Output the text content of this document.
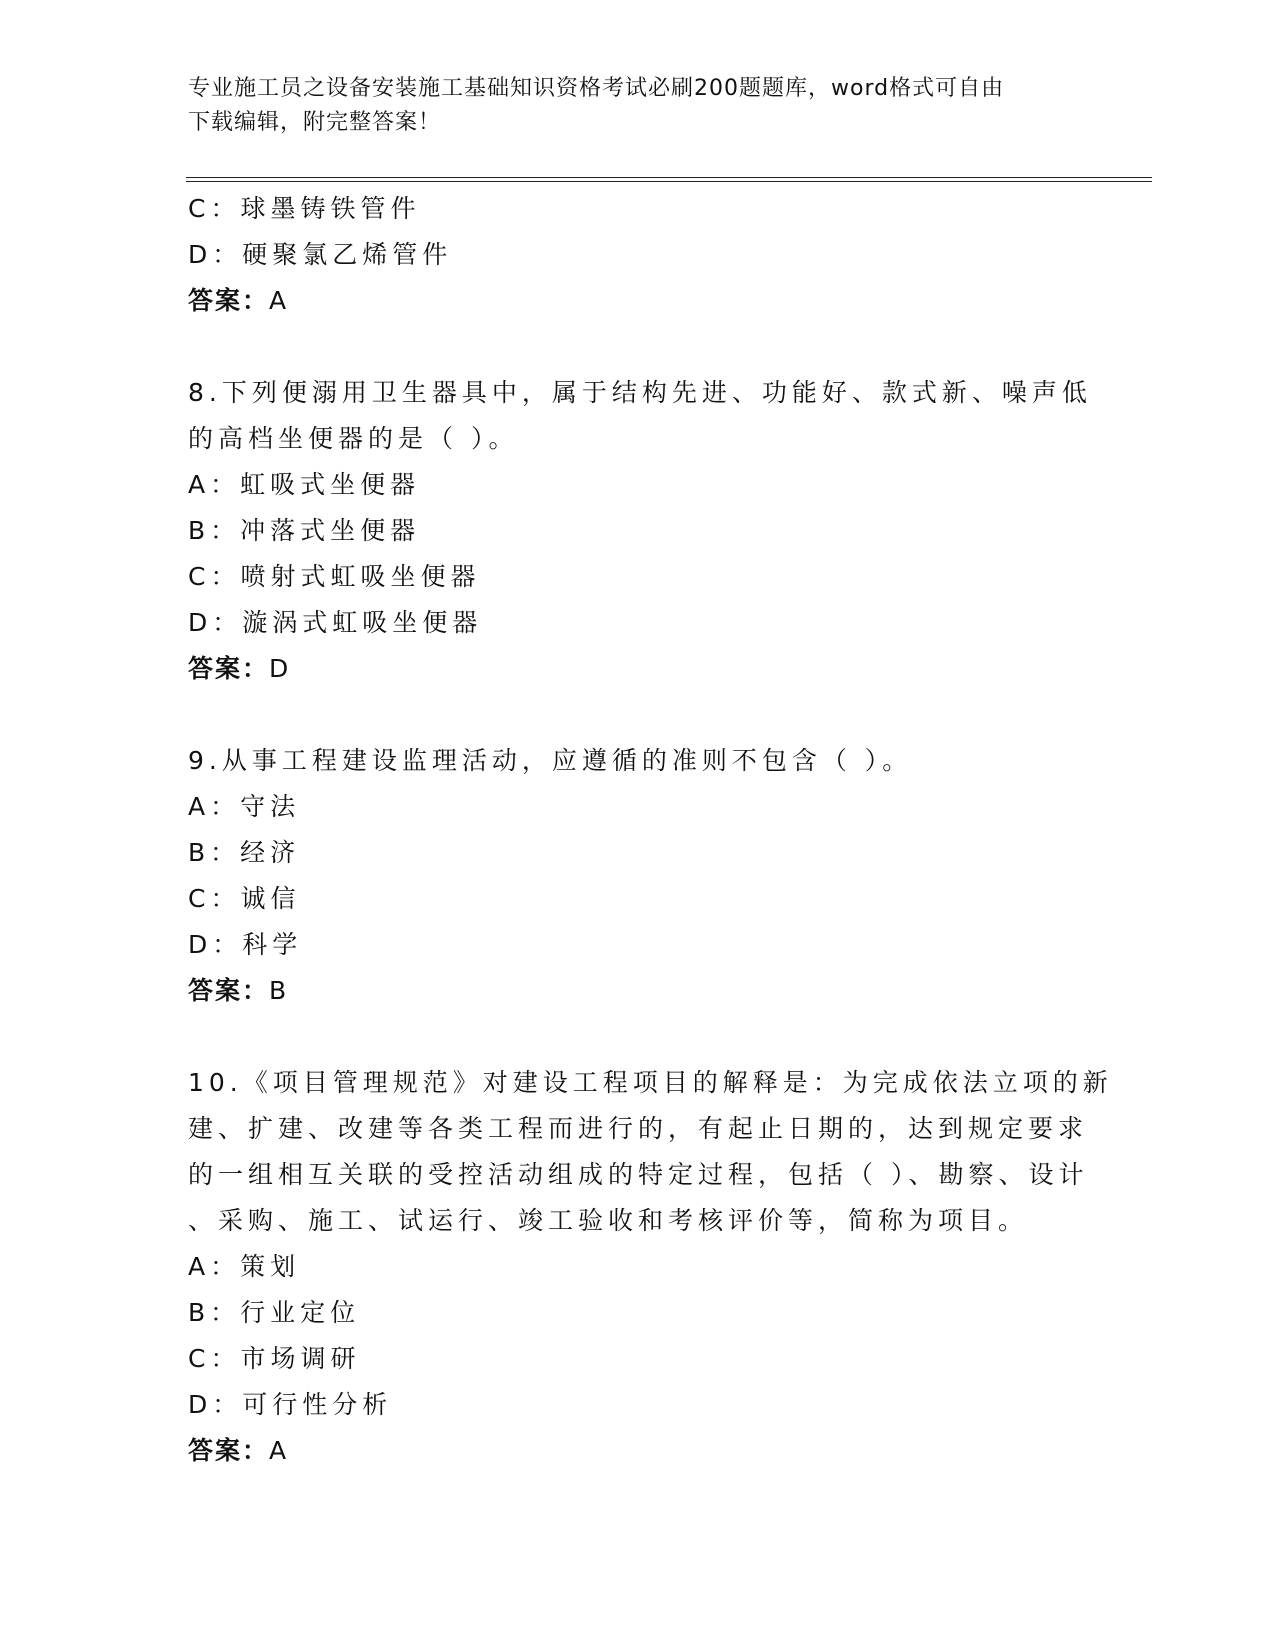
专业施工员之设备安装施工基础知识资格考试必刷200题题库，word格式可自由
下载编辑，附完整答案！
C：球墨铸铁管件
D：硬聚氯乙烯管件
答案：A
8.下列便溺用卫生器具中，属于结构先进、功能好、款式新、噪声低
的高档坐便器的是（ ）。
A：虹吸式坐便器
B：冲落式坐便器
C：喷射式虹吸坐便器
D：漩涡式虹吸坐便器
答案：D
9.从事工程建设监理活动，应遵循的准则不包含（ ）。
A：守法
B：经济
C：诚信
D：科学
答案：B
10.《项目管理规范》对建设工程项目的解释是：为完成依法立项的新
建、扩建、改建等各类工程而进行的，有起止日期的，达到规定要求
的一组相互关联的受控活动组成的特定过程，包括（ ）、勘察、设计
、采购、施工、试运行、竣工验收和考核评价等，简称为项目。
A：策划
B：行业定位
C：市场调研
D：可行性分析
答案：A
